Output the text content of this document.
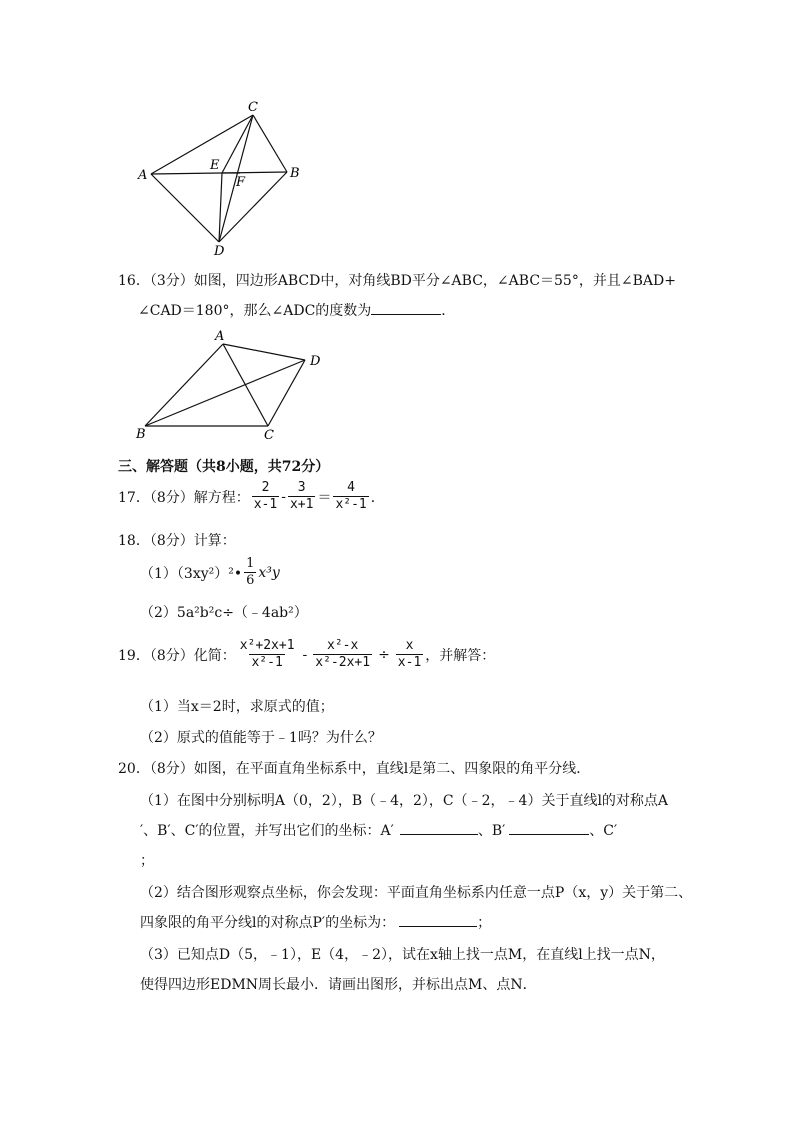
A
C
B
D
E
F
16．（3分）如图，四边形ABCD中，对角线BD平分∠ABC，∠ABC＝55°，并且∠BAD+
∠CAD＝180°，那么∠ADC的度数为	．
A
D
B	C
三、解答题（共8小题，共72分）
17．（8分）解方程： $\frac{2}{x-1} - \frac{3}{x+1} = \frac{4}{\text{x²-1}}$ ．
18．（8分）计算：
（1）（3xy²）²• $\frac{1}{6} x^3y$
（2）5a²b²c÷（﹣4ab²）
19．（8分）化简： $\frac{\text{x²+2x+1}}{\text{x²-1}} - \frac{\text{x²-x}}{\text{x²-2x+1}} \div \frac{x}{x-1}$ ，并解答：
（1）当x＝2时，求原式的值；
（2）原式的值能等于﹣1吗？为什么？
20．（8分）如图，在平面直角坐标系中，直线l是第二、四象限的角平分线．
（1）在图中分别标明A（0，2），B（﹣4，2），C（﹣2，﹣4）关于直线l的对称点A
′、B′、C′的位置，并写出它们的坐标：A′	、B′	、C′
；
（2）结合图形观察点坐标，你会发现：平面直角坐标系内任意一点P（x，y）关于第二、
四象限的角平分线l的对称点P′的坐标为：	；
（3）已知点D（5，﹣1），E（4，﹣2），试在x轴上找一点M，在直线l上找一点N，
使得四边形EDMN周长最小．请画出图形，并标出点M、点N．
